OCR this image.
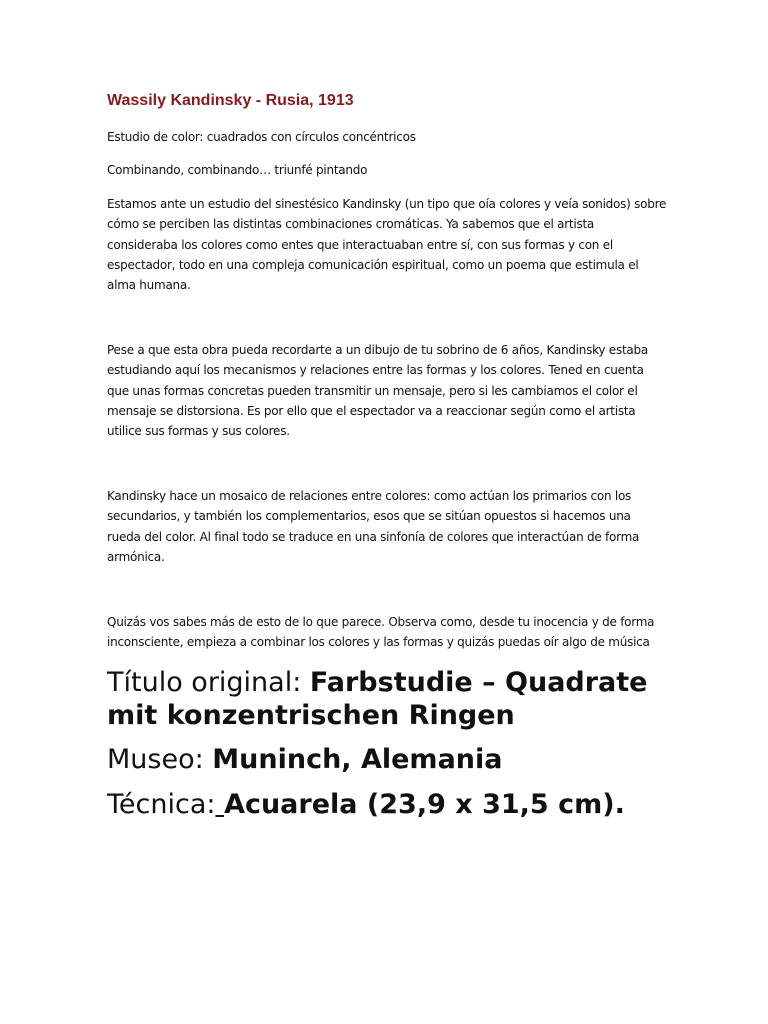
Wassily Kandinsky - Rusia, 1913

Estudio de color: cuadrados con círculos concéntricos

Combinando, combinando… triunfé pintando

Estamos ante un estudio del sinestésico Kandinsky (un tipo que oía colores y veía sonidos) sobre cómo se perciben las distintas combinaciones cromáticas. Ya sabemos que el artista consideraba los colores como entes que interactuaban entre sí, con sus formas y con el espectador, todo en una compleja comunicación espiritual, como un poema que estimula el alma humana.

Pese a que esta obra pueda recordarte a un dibujo de tu sobrino de 6 años, Kandinsky estaba estudiando aquí los mecanismos y relaciones entre las formas y los colores. Tened en cuenta que unas formas concretas pueden transmitir un mensaje, pero si les cambiamos el color el mensaje se distorsiona. Es por ello que el espectador va a reaccionar según como el artista utilice sus formas y sus colores.

Kandinsky hace un mosaico de relaciones entre colores: como actúan los primarios con los secundarios, y también los complementarios, esos que se sitúan opuestos si hacemos una rueda del color. Al final todo se traduce en una sinfonía de colores que interactúan de forma armónica.

Quizás vos sabes más de esto de lo que parece. Observa como, desde tu inocencia y de forma inconsciente, empieza a combinar los colores y las formas y quizás puedas oír algo de música

Título original: Farbstudie – Quadrate mit konzentrischen Ringen

Museo: Muninch, Alemania

Técnica: Acuarela (23,9 x 31,5 cm).
